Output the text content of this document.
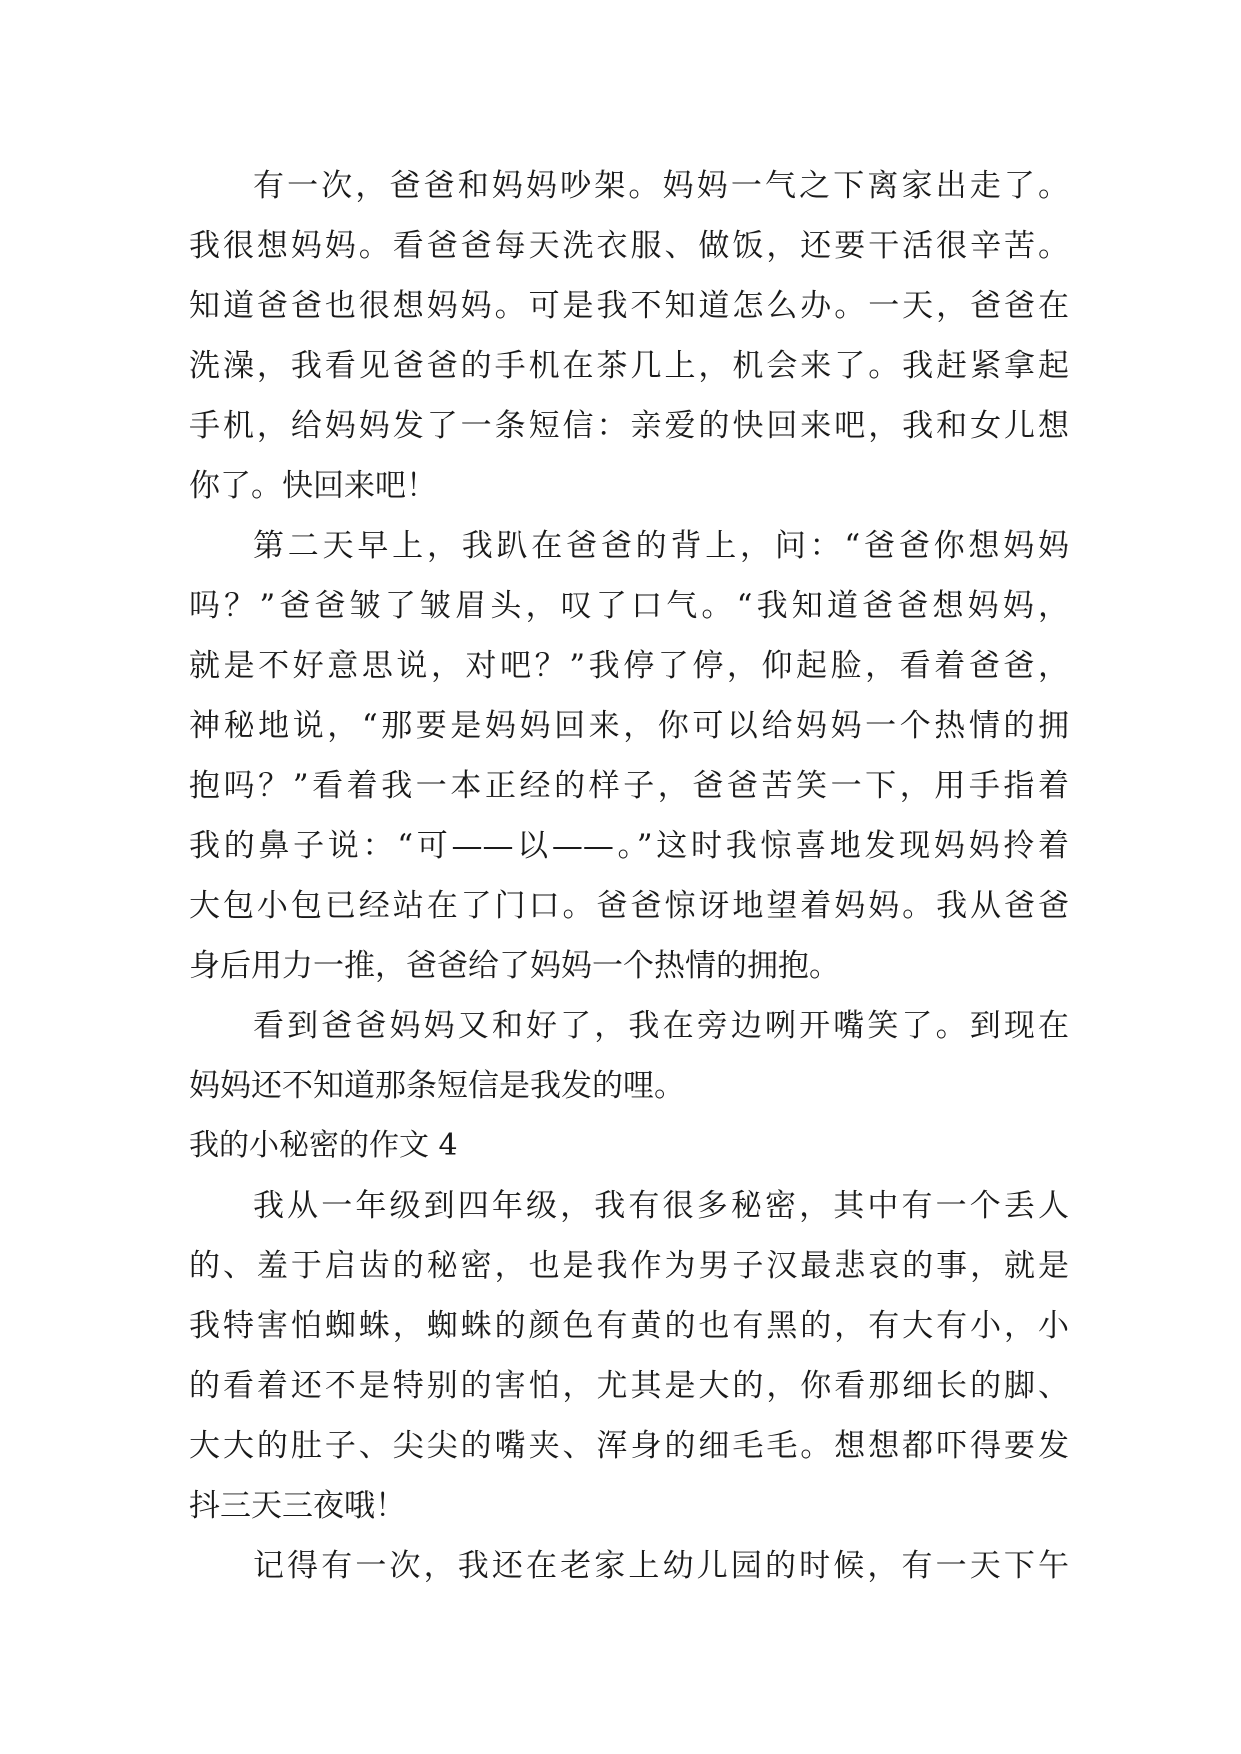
有一次，爸爸和妈妈吵架。妈妈一气之下离家出走了。
我很想妈妈。看爸爸每天洗衣服、做饭，还要干活很辛苦。
知道爸爸也很想妈妈。可是我不知道怎么办。一天，爸爸在
洗澡，我看见爸爸的手机在茶几上，机会来了。我赶紧拿起
手机，给妈妈发了一条短信：亲爱的快回来吧，我和女儿想
你了。快回来吧！
第二天早上，我趴在爸爸的背上，问：“爸爸你想妈妈
吗？”爸爸皱了皱眉头，叹了口气。“我知道爸爸想妈妈，
就是不好意思说，对吧？”我停了停，仰起脸，看着爸爸，
神秘地说，“那要是妈妈回来，你可以给妈妈一个热情的拥
抱吗？”看着我一本正经的样子，爸爸苦笑一下，用手指着
我的鼻子说：“可——以——。”这时我惊喜地发现妈妈拎着
大包小包已经站在了门口。爸爸惊讶地望着妈妈。我从爸爸
身后用力一推，爸爸给了妈妈一个热情的拥抱。
看到爸爸妈妈又和好了，我在旁边咧开嘴笑了。到现在
妈妈还不知道那条短信是我发的哩。
我的小秘密的作文 4
我从一年级到四年级，我有很多秘密，其中有一个丢人
的、羞于启齿的秘密，也是我作为男子汉最悲哀的事，就是
我特害怕蜘蛛，蜘蛛的颜色有黄的也有黑的，有大有小，小
的看着还不是特别的害怕，尤其是大的，你看那细长的脚、
大大的肚子、尖尖的嘴夹、浑身的细毛毛。想想都吓得要发
抖三天三夜哦！
记得有一次，我还在老家上幼儿园的时候，有一天下午
